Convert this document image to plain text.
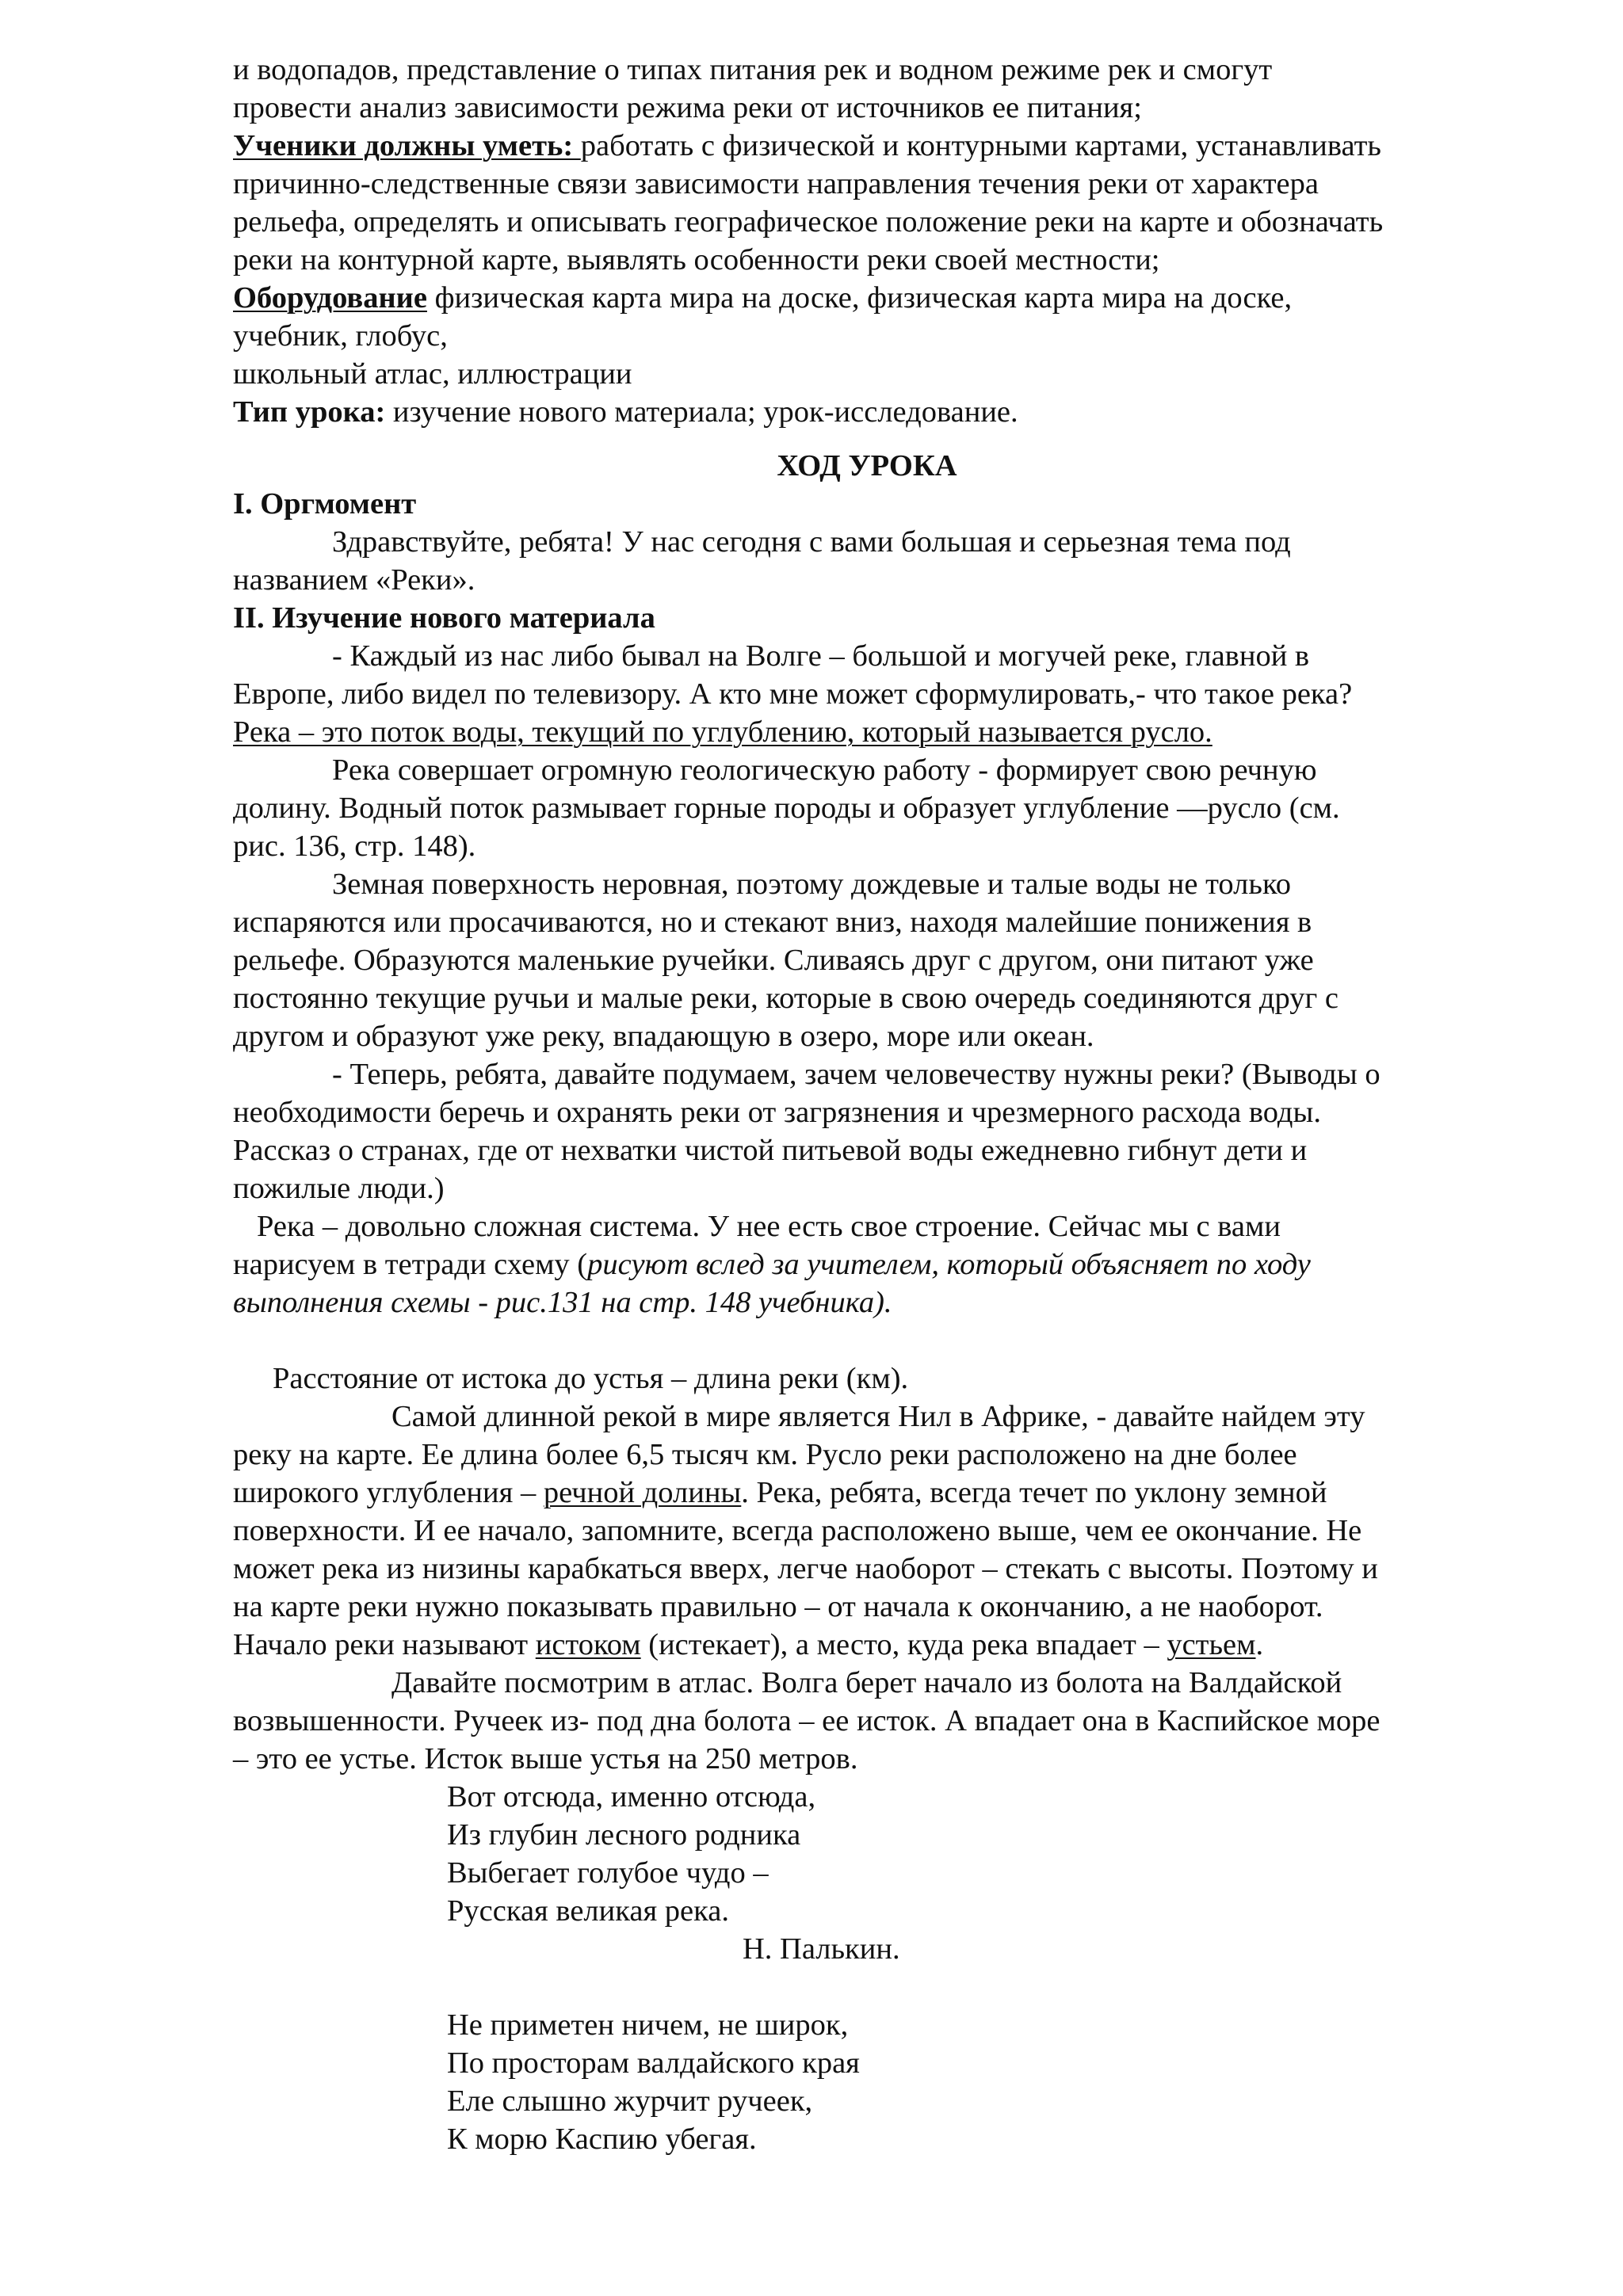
и водопадов, представление о типах питания рек и водном режиме рек и смогут
провести анализ зависимости режима реки от источников ее питания;
Ученики должны уметь: работать с физической и контурными картами, устанавливать
причинно-следственные связи зависимости направления течения реки от характера
рельефа, определять и описывать географическое положение реки на карте и обозначать
реки на контурной карте, выявлять особенности реки своей местности;
Оборудование физическая карта мира на доске, физическая карта мира на доске,
учебник, глобус,
школьный атлас, иллюстрации
Тип урока: изучение нового материала; урок-исследование.
ХОД УРОКА
I. Оргмомент
Здравствуйте, ребята! У нас сегодня с вами большая и серьезная тема под
названием «Реки».
II. Изучение нового материала
- Каждый из нас либо бывал на Волге – большой и могучей реке, главной в
Европе, либо видел по телевизору. А кто мне может сформулировать,- что такое река?
Река – это поток воды, текущий по углублению, который называется русло.
Река совершает огромную геологическую работу - формирует свою речную
долину. Водный поток размывает горные породы и образует углубление —русло (см.
рис. 136, стр. 148).
Земная поверхность неровная, поэтому дождевые и талые воды не только
испаряются или просачиваются, но и стекают вниз, находя малейшие понижения в
рельефе. Образуются маленькие ручейки. Сливаясь друг с другом, они питают уже
постоянно текущие ручьи и малые реки, которые в свою очередь соединяются друг с
другом и образуют уже реку, впадающую в озеро, море или океан.
- Теперь, ребята, давайте подумаем, зачем человечеству нужны реки? (Выводы о
необходимости беречь и охранять реки от загрязнения и чрезмерного расхода воды.
Рассказ о странах, где от нехватки чистой питьевой воды ежедневно гибнут дети и
пожилые люди.)
Река – довольно сложная система. У нее есть свое строение. Сейчас мы с вами
нарисуем в тетради схему (рисуют вслед за учителем, который объясняет по ходу
выполнения схемы - рис.131 на стр. 148 учебника).
Расстояние от истока до устья – длина реки (км).
Самой длинной рекой в мире является Нил в Африке, - давайте найдем эту
реку на карте. Ее длина более 6,5 тысяч км. Русло реки расположено на дне более
широкого углубления – речной долины. Река, ребята, всегда течет по уклону земной
поверхности. И ее начало, запомните, всегда расположено выше, чем ее окончание. Не
может река из низины карабкаться вверх, легче наоборот – стекать с высоты. Поэтому и
на карте реки нужно показывать правильно – от начала к окончанию, а не наоборот.
Начало реки называют истоком (истекает), а место, куда река впадает – устьем.
Давайте посмотрим в атлас. Волга берет начало из болота на Валдайской
возвышенности. Ручеек из- под дна болота – ее исток. А впадает она в Каспийское море
– это ее устье. Исток выше устья на 250 метров.
Вот отсюда, именно отсюда,
Из глубин лесного родника
Выбегает голубое чудо –
Русская великая река.
Н. Палькин.
Не приметен ничем, не широк,
По просторам валдайского края
Еле слышно журчит ручеек,
К морю Каспию убегая.
